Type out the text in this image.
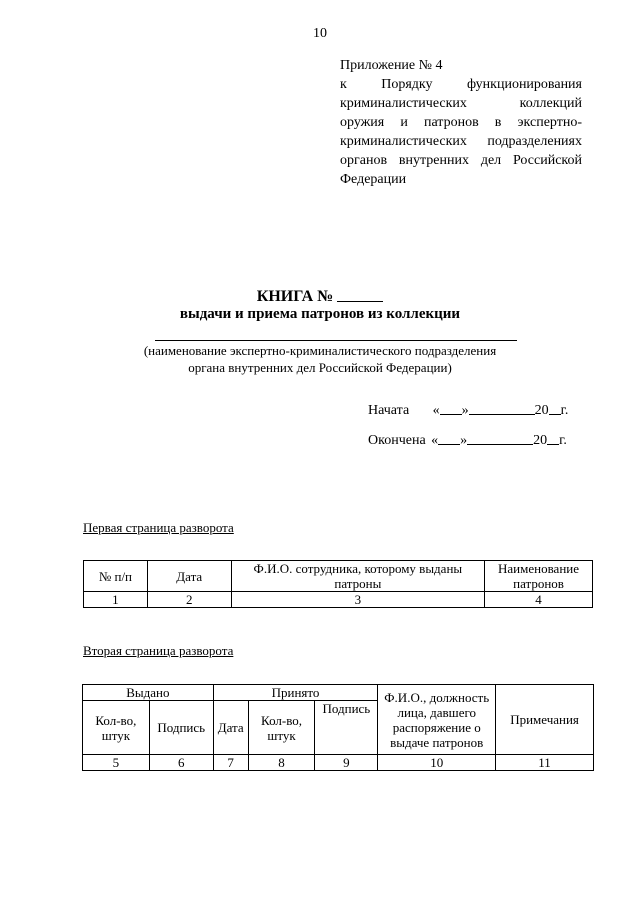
10
Приложение № 4
к Порядку функционирования
криминалистических коллекций
оружия и патронов в экспертно-
криминалистических подразделениях
органов внутренних дел Российской
Федерации
КНИГА №
выдачи и приема патронов из коллекции
(наименование экспертно-криминалистического подразделения
органа внутренних дел Российской Федерации)
Начата « »	20 г.
Окончена « »	20 г.
Первая страница разворота
№ п/п	Дата	Ф.И.О. сотрудника, которому выданы патроны	Наименование патронов
1	2	3	4
Вторая страница разворота
Выдано		Принято			Ф.И.О., должность лица, давшего распоряжение о выдаче патронов	Примечания
Кол-во, штук	Подпись	Дата	Кол-во, штук	Подпись		
5	6	7	8	9	10	11
